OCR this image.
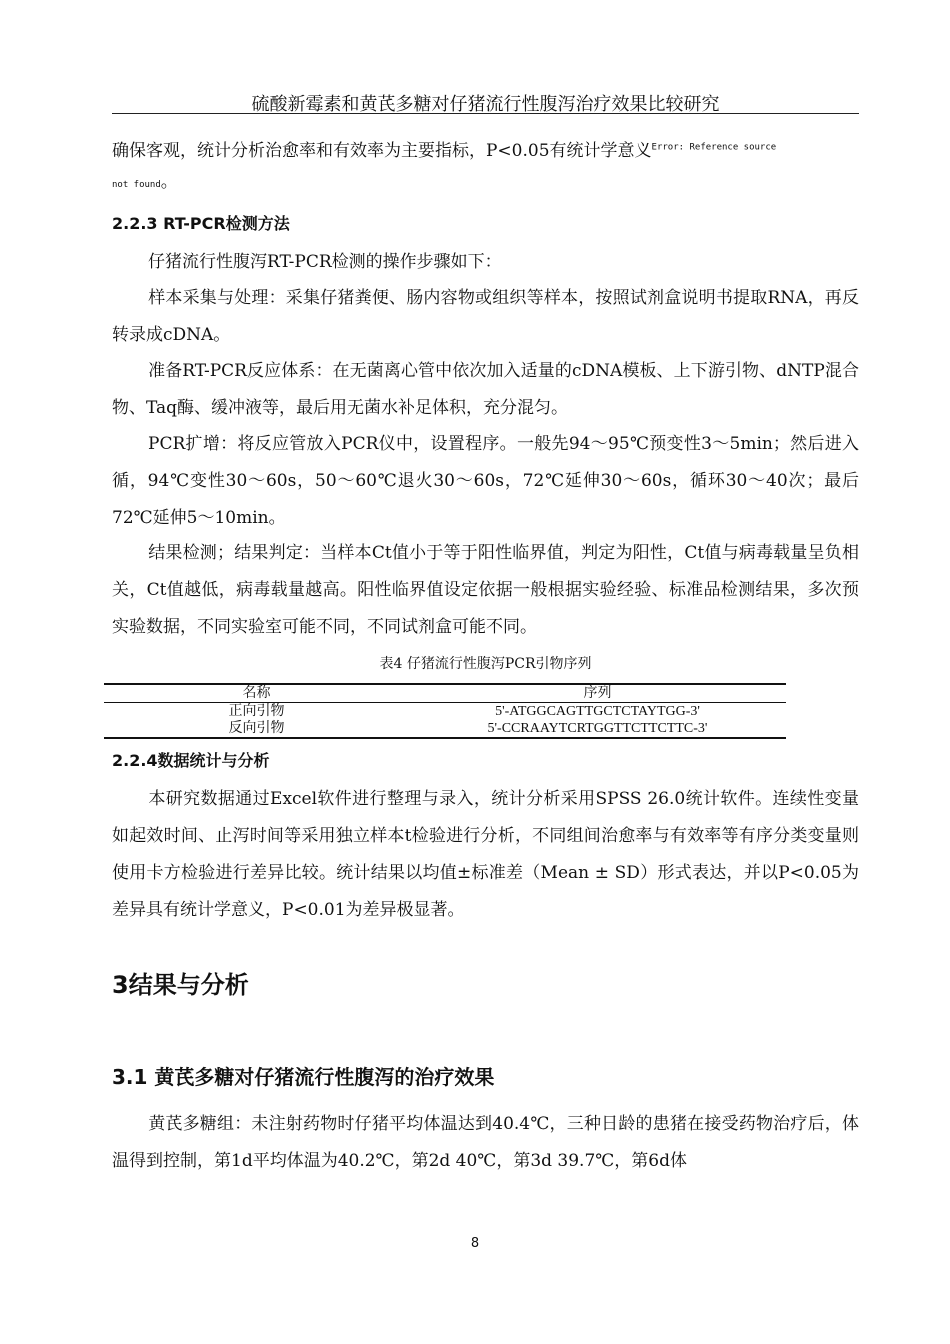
硫酸新霉素和黄芪多糖对仔猪流行性腹泻治疗效果比较研究

确保客观，统计分析治愈率和有效率为主要指标，P<0.05有统计学意义$^{Error: Reference source}$

not found。
2.2.3 RT-PCR检测方法

仔猪流行性腹泻RT-PCR检测的操作步骤如下：

样本采集与处理：采集仔猪粪便、肠内容物或组织等样本，按照试剂盒说明书提取RNA，再反转录成cDNA。

准备RT-PCR反应体系：在无菌离心管中依次加入适量的cDNA模板、上下游引物、dNTP混合物、Taq酶、缓冲液等，最后用无菌水补足体积，充分混匀。

PCR扩增：将反应管放入PCR仪中，设置程序。一般先94～95℃预变性3～5min；然后进入循，94℃变性30～60s，50～60℃退火30～60s，72℃延伸30～60s，循环30～40次；最后72℃延伸5～10min。

结果检测；结果判定：当样本Ct值小于等于阳性临界值，判定为阳性，Ct值与病毒载量呈负相关，Ct值越低，病毒载量越高。阳性临界值设定依据一般根据实验经验、标准品检测结果，多次预实验数据，不同实验室可能不同，不同试剂盒可能不同。

表4 仔猪流行性腹泻PCR引物序列
名称	序列
正向引物	5'-ATGGCAGTTGCTCTAYTGG-3'
反向引物	5'-CCRAAYTCRTGGTTCTTCTTC-3'
2.2.4数据统计与分析

本研究数据通过Excel软件进行整理与录入，统计分析采用SPSS 26.0统计软件。连续性变量如起效时间、止泻时间等采用独立样本t检验进行分析，不同组间治愈率与有效率等有序分类变量则使用卡方检验进行差异比较。统计结果以均值±标准差（Mean ± SD）形式表达，并以P<0.05为差异具有统计学意义，P<0.01为差异极显著。

3结果与分析
3.1 黄芪多糖对仔猪流行性腹泻的治疗效果

黄芪多糖组：未注射药物时仔猪平均体温达到40.4℃，三种日龄的患猪在接受药物治疗后，体温得到控制，第1d平均体温为40.2℃，第2d 40℃，第3d 39.7℃，第6d体

8
